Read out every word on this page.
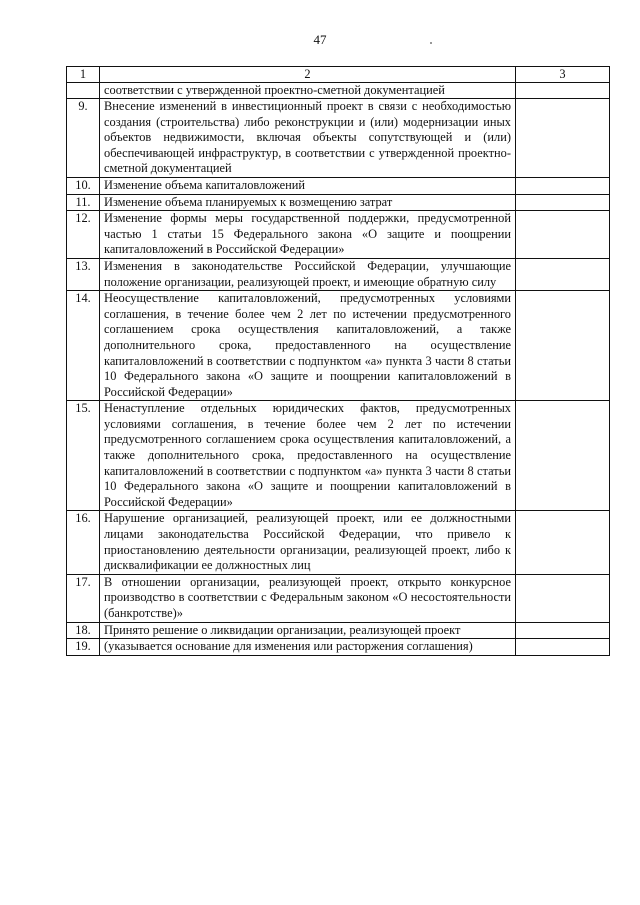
47
1	2	3
	соответствии с утвержденной проектно-сметной документацией	
9.	Внесение изменений в инвестиционный проект в связи с необходимостью создания (строительства) либо реконструкции и (или) модернизации иных объектов недвижимости, включая объекты сопутствующей и (или) обеспечивающей инфраструктур, в соответствии с утвержденной проектно-сметной документацией	
10.	Изменение объема капиталовложений	
11.	Изменение объема планируемых к возмещению затрат	
12.	Изменение формы меры государственной поддержки, предусмотренной частью 1 статьи 15 Федерального закона «О защите и поощрении капиталовложений в Российской Федерации»	
13.	Изменения в законодательстве Российской Федерации, улучшающие положение организации, реализующей проект, и имеющие обратную силу	
14.	Неосуществление капиталовложений, предусмотренных условиями соглашения, в течение более чем 2 лет по истечении предусмотренного соглашением срока осуществления капиталовложений, а также дополнительного срока, предоставленного на осуществление капиталовложений в соответствии с подпунктом «а» пункта 3 части 8 статьи 10 Федерального закона «О защите и поощрении капиталовложений в Российской Федерации»	
15.	Ненаступление отдельных юридических фактов, предусмотренных условиями соглашения, в течение более чем 2 лет по истечении предусмотренного соглашением срока осуществления капиталовложений, а также дополнительного срока, предоставленного на осуществление капиталовложений в соответствии с подпунктом «а» пункта 3 части 8 статьи 10 Федерального закона «О защите и поощрении капиталовложений в Российской Федерации»	
16.	Нарушение организацией, реализующей проект, или ее должностными лицами законодательства Российской Федерации, что привело к приостановлению деятельности организации, реализующей проект, либо к дисквалификации ее должностных лиц	
17.	В отношении организации, реализующей проект, открыто конкурсное производство в соответствии с Федеральным законом «О несостоятельности (банкротстве)»	
18.	Принято решение о ликвидации организации, реализующей проект	
19.	(указывается основание для изменения или расторжения соглашения)	
